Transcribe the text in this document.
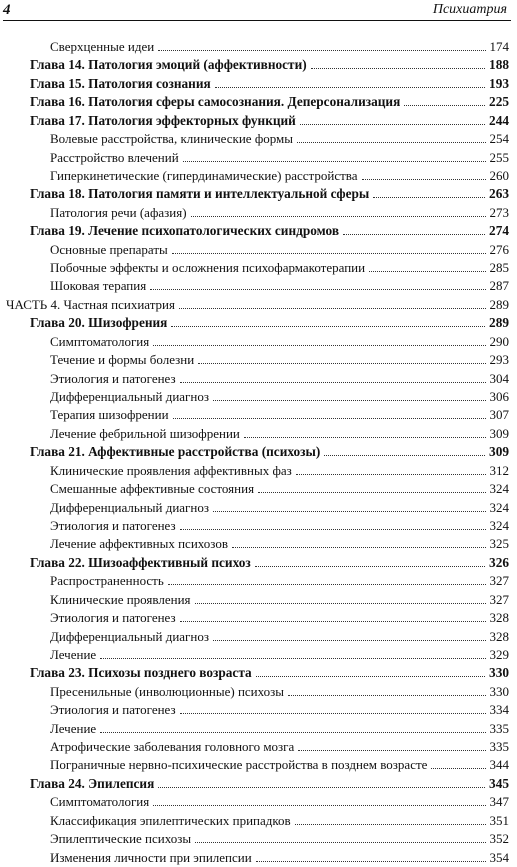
4	Психиатрия
Сверхценные идеи	174
Глава 14. Патология эмоций (аффективности)	188
Глава 15. Патология сознания	193
Глава 16. Патология сферы самосознания. Деперсонализация	225
Глава 17. Патология эффекторных функций	244
Волевые расстройства, клинические формы	254
Расстройство влечений	255
Гиперкинетические (гипердинамические) расстройства	260
Глава 18. Патология памяти и интеллектуальной сферы	263
Патология речи (афазия)	273
Глава 19. Лечение психопатологических синдромов	274
Основные препараты	276
Побочные эффекты и осложнения психофармакотерапии	285
Шоковая терапия	287
ЧАСТЬ 4. Частная психиатрия	289
Глава 20. Шизофрения	289
Симптоматология	290
Течение и формы болезни	293
Этиология и патогенез	304
Дифференциальный диагноз	306
Терапия шизофрении	307
Лечение фебрильной шизофрении	309
Глава 21. Аффективные расстройства (психозы)	309
Клинические проявления аффективных фаз	312
Смешанные аффективные состояния	324
Дифференциальный диагноз	324
Этиология и патогенез	324
Лечение аффективных психозов	325
Глава 22. Шизоаффективный психоз	326
Распространенность	327
Клинические проявления	327
Этиология и патогенез	328
Дифференциальный диагноз	328
Лечение	329
Глава 23. Психозы позднего возраста	330
Пресенильные (инволюционные) психозы	330
Этиология и патогенез	334
Лечение	335
Атрофические заболевания головного мозга	335
Пограничные нервно-психические расстройства в позднем возрасте	344
Глава 24. Эпилепсия	345
Симптоматология	347
Классификация эпилептических припадков	351
Эпилептические психозы	352
Изменения личности при эпилепсии	354
